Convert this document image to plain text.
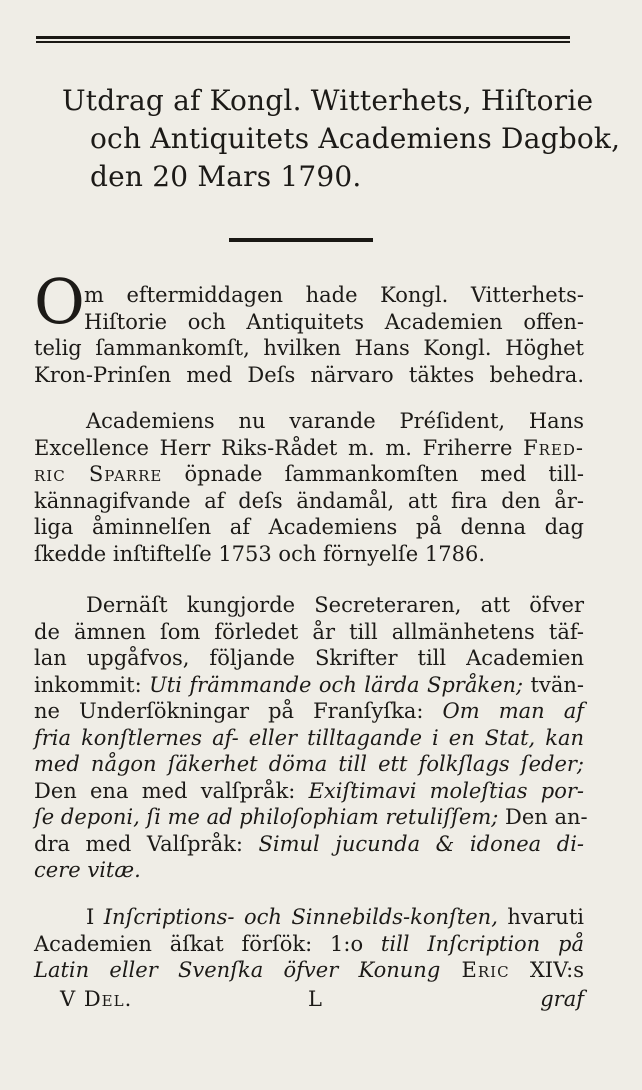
Utdrag af Kongl. Witterhets, Hiſtorie
och Antiquitets Academiens Dagbok,
den 20 Mars 1790.
O m eftermiddagen hade Kongl. Vitterhets-
Hiſtorie och Antiquitets Academien offen-
telig ſammankomſt, hvilken Hans Kongl. Höghet
Kron-Prinſen med Deſs närvaro täktes behedra.
Academiens nu varande Préſident, Hans
Excellence Herr Riks-Rådet m. m. Friherre Fred-
ric Sparre öpnade ſammankomſten med till-
kännagifvande af deſs ändamål, att fira den år-
liga åminnelſen af Academiens på denna dag
ſkedde inſtiftelſe 1753 och förnyelſe 1786.
Dernäſt kungjorde Secreteraren, att öfver
de ämnen ſom förledet år till allmänhetens täf-
lan upgåfvos, följande Skrifter till Academien
inkommit: Uti främmande och lärda Språken; tvän-
ne Underſökningar på Franſyſka: Om man af
fria konſtlernes af- eller tilltagande i en Stat, kan
med någon ſäkerhet döma till ett folkſlags ſeder;
Den ena med valſpråk: Exiſtimavi moleſtias por-
ſe deponi, ſi me ad philoſophiam retuliſſem; Den an-
dra med Valſpråk: Simul jucunda & idonea di-
cere vitæ.
I Inſcriptions- och Sinnebilds-konſten, hvaruti
Academien äſkat förſök: 1:o till Inſcription på
Latin eller Svenſka öfver Konung Eric XIV:s
V Del.	L	graf
